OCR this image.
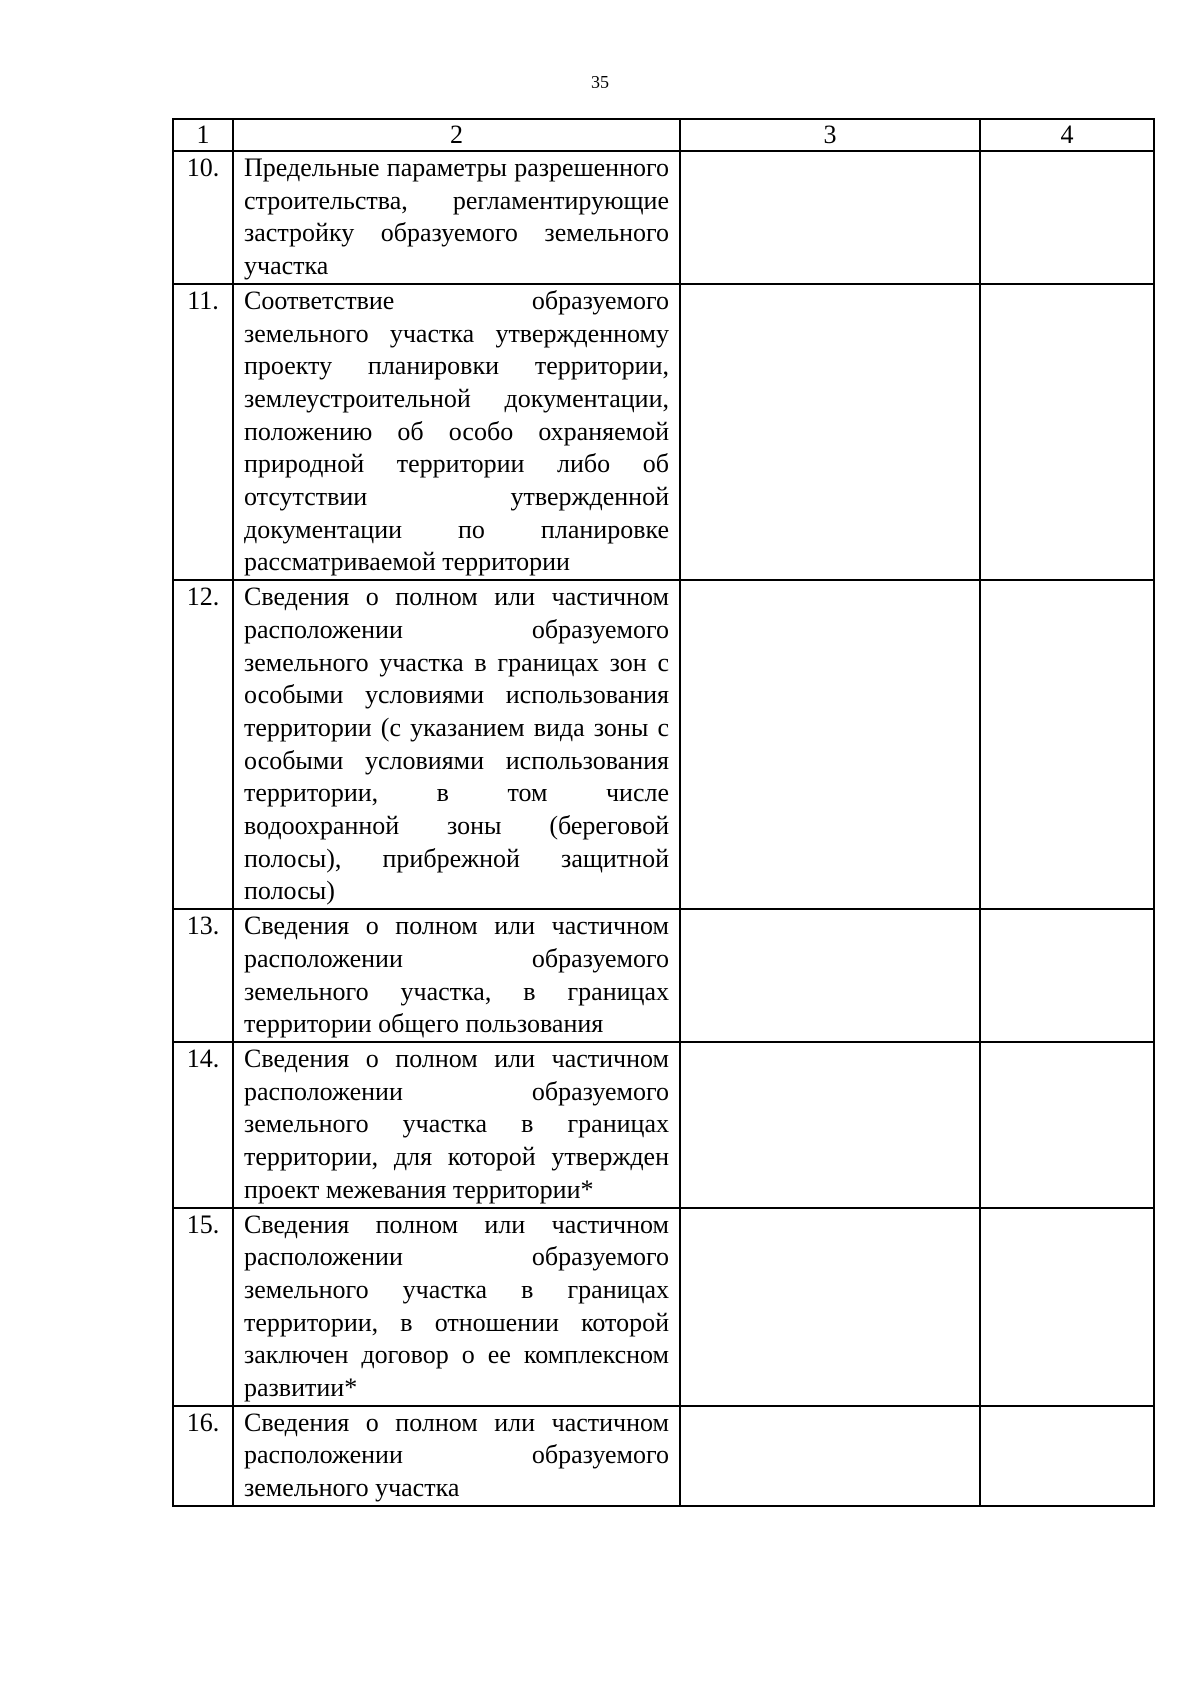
35
1	2	3	4
10.	Предельные параметры разрешенного строительства, регламентирующие застройку образуемого земельного участка		
11.	Соответствие образуемого земельного участка утвержденному проекту планировки территории, землеустроительной документации, положению об особо охраняемой природной территории либо об отсутствии утвержденной документации по планировке рассматриваемой территории		
12.	Сведения о полном или частичном расположении образуемого земельного участка в границах зон с особыми условиями использования территории (с указанием вида зоны с особыми условиями использования территории, в том числе водоохранной зоны (береговой полосы), прибрежной защитной полосы)		
13.	Сведения о полном или частичном расположении образуемого земельного участка, в границах территории общего пользования		
14.	Сведения о полном или частичном расположении образуемого земельного участка в границах территории, для которой утвержден проект межевания территории*		
15.	Сведения полном или частичном расположении образуемого земельного участка в границах территории, в отношении которой заключен договор о ее комплексном развитии*		
16.	Сведения о полном или частичном расположении образуемого земельного участка		
